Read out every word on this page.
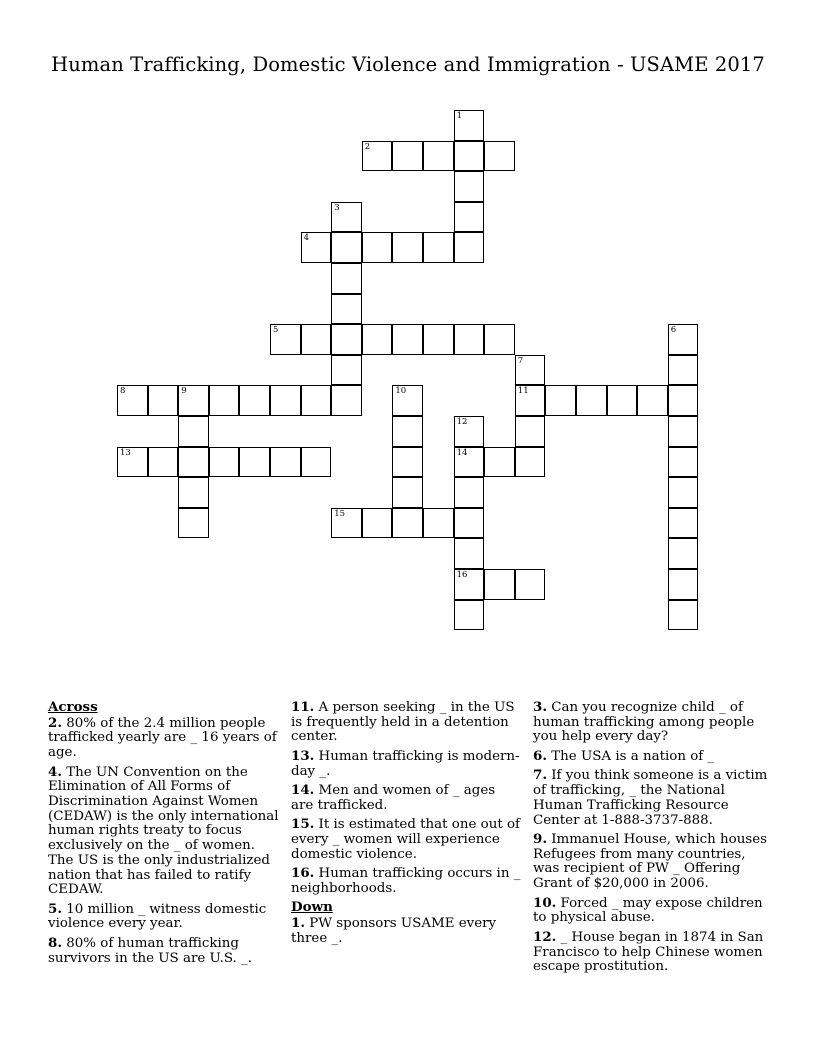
Human Trafficking, Domestic Violence and Immigration - USAME 2017
1
2
3
4
5	6
7
11
8	9	10
12
14
16
13
15
Across
2. 80% of the 2.4 million people trafficked yearly are _ 16 years of age.
4. The UN Convention on the Elimination of All Forms of Discrimination Against Women (CEDAW) is the only international human rights treaty to focus exclusively on the _ of women. The US is the only industrialized nation that has failed to ratify CEDAW.
5. 10 million _ witness domestic violence every year.
8. 80% of human trafficking survivors in the US are U.S. _.
11. A person seeking _ in the US is frequently held in a detention center.
13. Human trafficking is modern-day _.
14. Men and women of _ ages are trafficked.
15. It is estimated that one out of every _ women will experience domestic violence.
16. Human trafficking occurs in _ neighborhoods.
Down
1. PW sponsors USAME every three _.
3. Can you recognize child _ of human trafficking among people you help every day?
6. The USA is a nation of _
7. If you think someone is a victim of trafficking, _ the National Human Trafficking Resource Center at 1-888-3737-888.
9. Immanuel House, which houses Refugees from many countries, was recipient of PW _ Offering Grant of $20,000 in 2006.
10. Forced _ may expose children to physical abuse.
12. _ House began in 1874 in San Francisco to help Chinese women escape prostitution.
